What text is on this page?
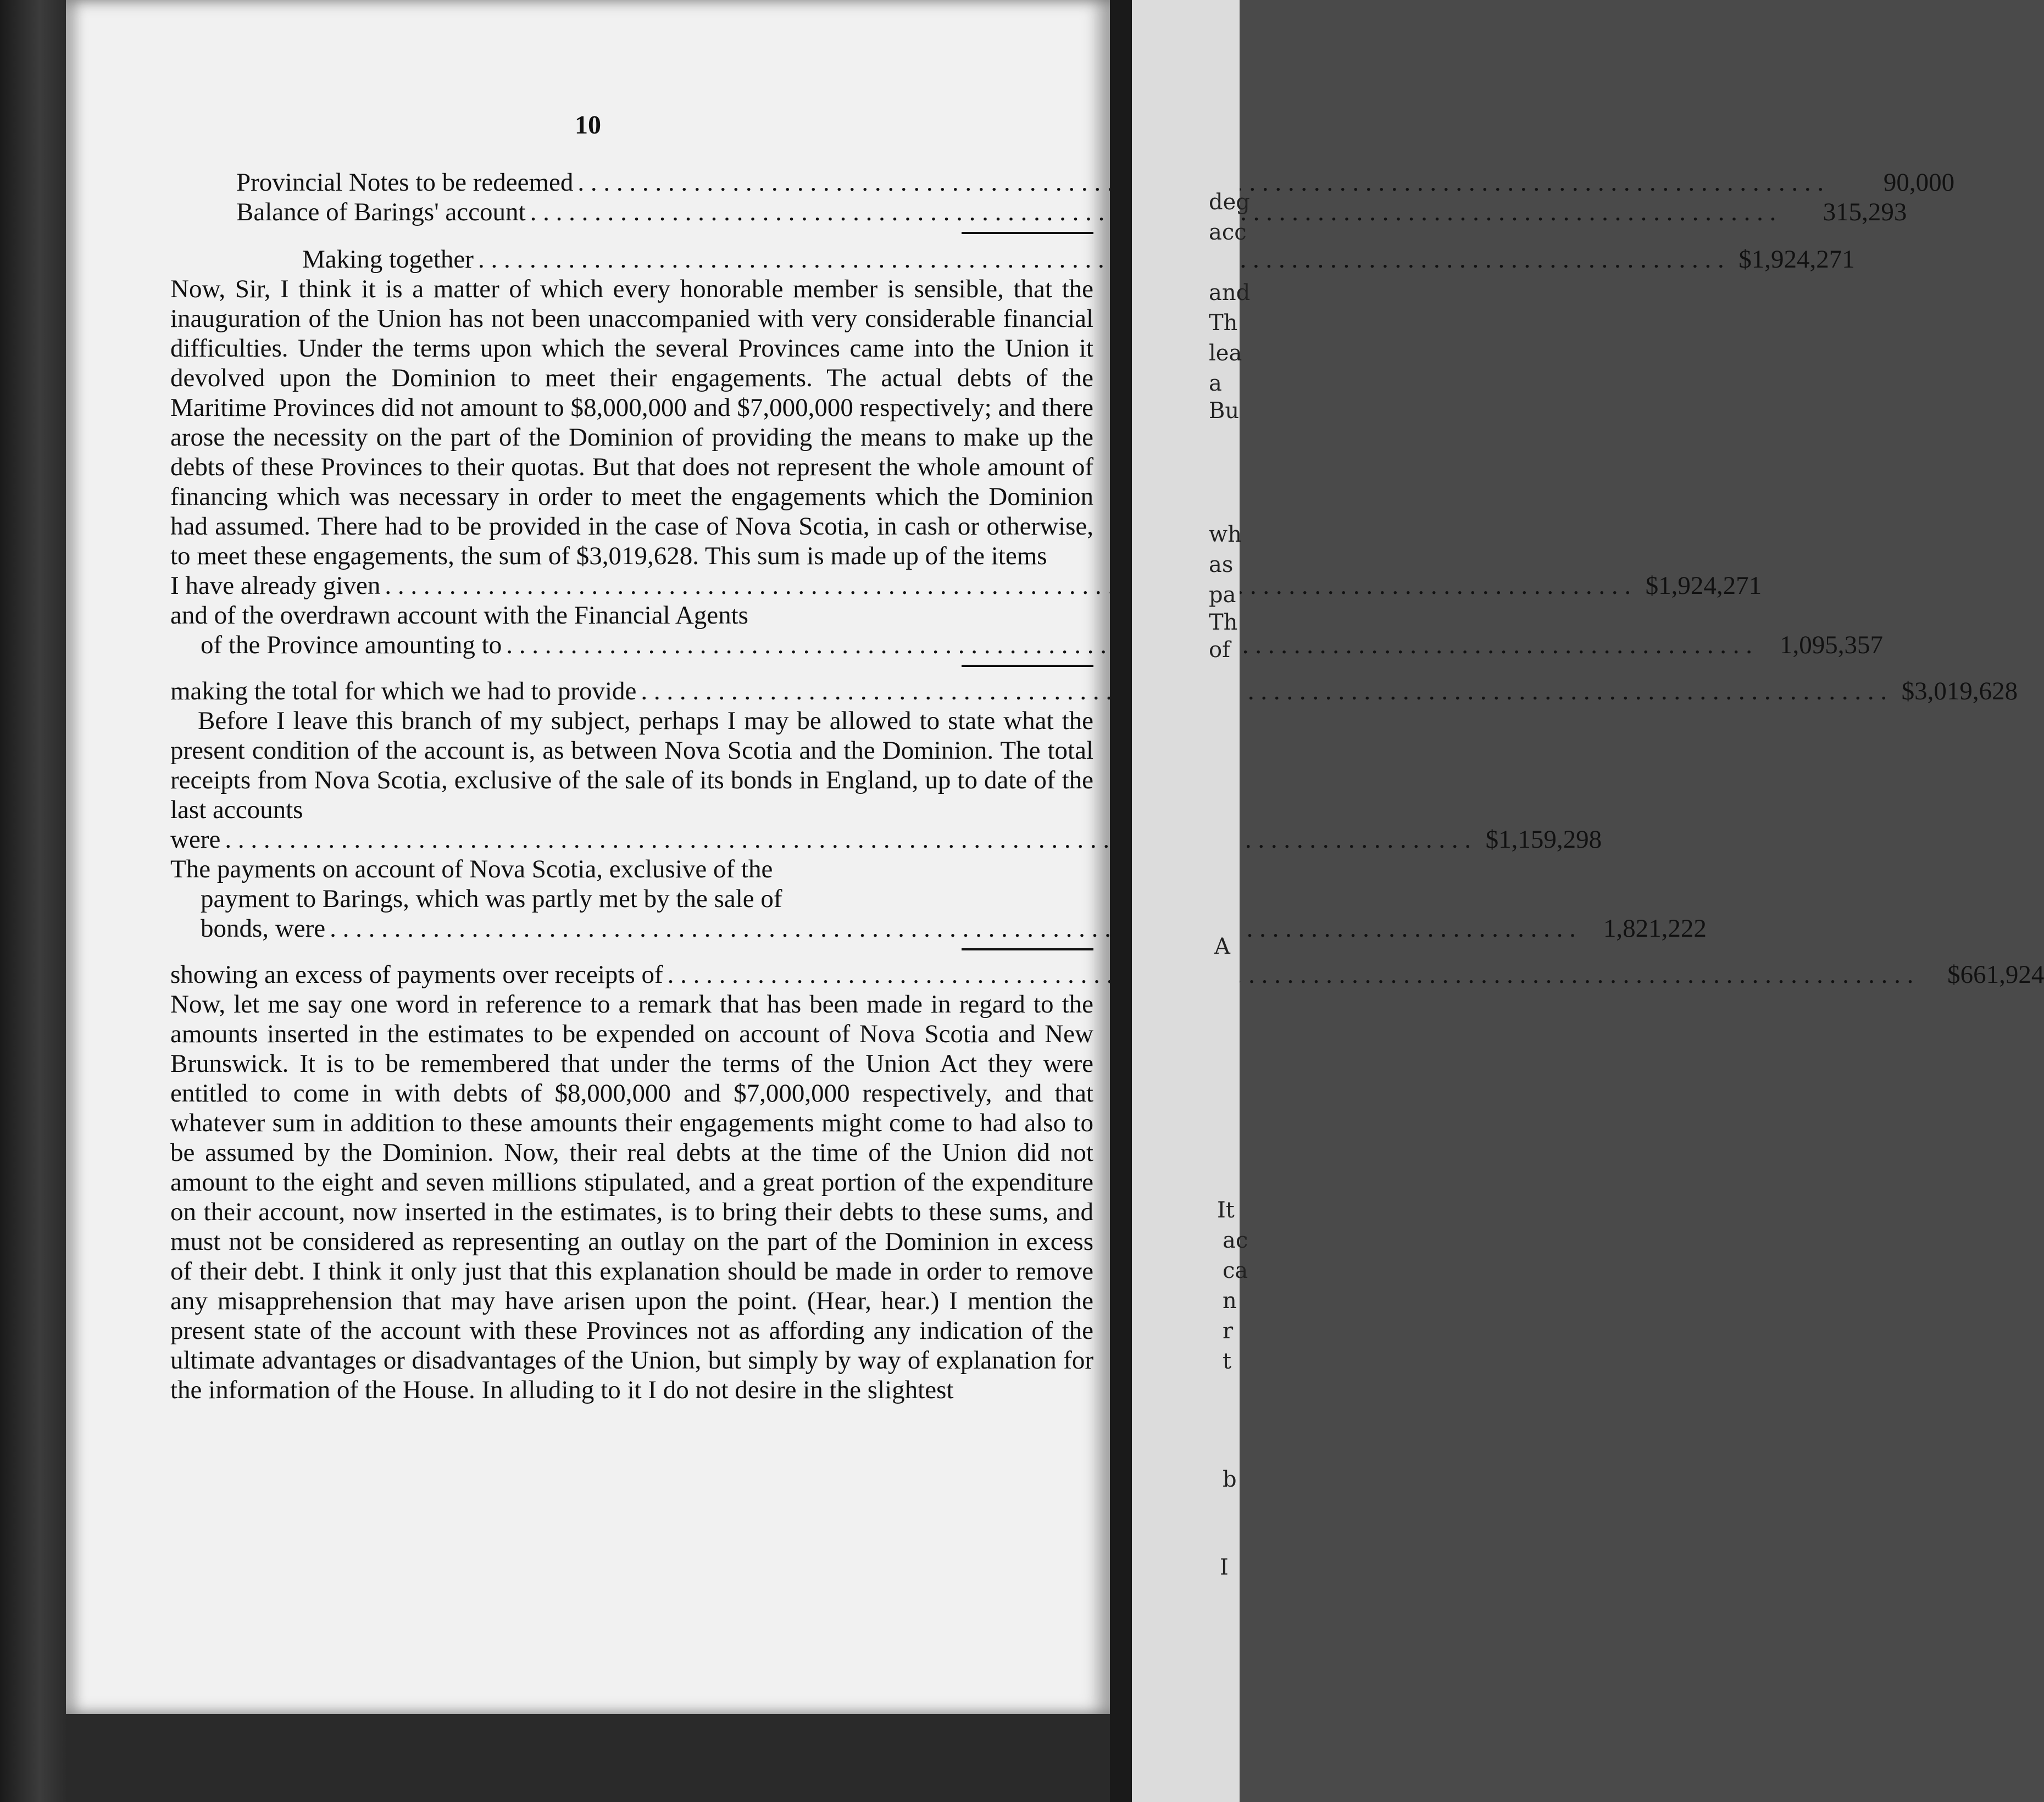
10
Provincial Notes to be redeemed . . .	90,000
Balance of Barings' account . . .	315,293
Making together . . .	$1,924,271

Now, Sir, I think it is a matter of which every honorable member is sensible, that the inauguration of the Union has not been unaccompanied with very considerable financial difficulties. Under the terms upon which the several Provinces came into the Union it devolved upon the Dominion to meet their engagements. The actual debts of the Maritime Provinces did not amount to $8,000,000 and $7,000,000 respectively; and there arose the necessity on the part of the Dominion of providing the means to make up the debts of these Provinces to their quotas. But that does not represent the whole amount of financing which was necessary in order to meet the engagements which the Dominion had assumed. There had to be provided in the case of Nova Scotia, in cash or otherwise, to meet these engagements, the sum of $3,019,628. This sum is made up of the items

I have already given . . .	$1,924,271
and of the overdrawn account with the Financial Agents
of the Province amounting to . . .	1,095,357
making the total for which we had to provide . . .	$3,019,628

Before I leave this branch of my subject, perhaps I may be allowed to state what the present condition of the account is, as between Nova Scotia and the Dominion. The total receipts from Nova Scotia, exclusive of the sale of its bonds in England, up to date of the last accounts

were . . .	$1,159,298
The payments on account of Nova Scotia, exclusive of the
payment to Barings, which was partly met by the sale of
bonds, were . . .	1,821,222
showing an excess of payments over receipts of . . .	$661,924

Now, let me say one word in reference to a remark that has been made in regard to the amounts inserted in the estimates to be expended on account of Nova Scotia and New Brunswick. It is to be remembered that under the terms of the Union Act they were entitled to come in with debts of $8,000,000 and $7,000,000 respectively, and that whatever sum in addition to these amounts their engagements might come to had also to be assumed by the Dominion. Now, their real debts at the time of the Union did not amount to the eight and seven millions stipulated, and a great portion of the expenditure on their account, now inserted in the estimates, is to bring their debts to these sums, and must not be considered as representing an outlay on the part of the Dominion in excess of their debt. I think it only just that this explanation should be made in order to remove any misapprehension that may have arisen upon the point. (Hear, hear.) I mention the present state of the account with these Provinces not as affording any indication of the ultimate advantages or disadvantages of the Union, but simply by way of explanation for the information of the House. In alluding to it I do not desire in the slightest

deg
acc
and
Th
lea
a
Bu
wh
as
pa
Th
of
A
It
ac
ca
n
r
t
b
I
